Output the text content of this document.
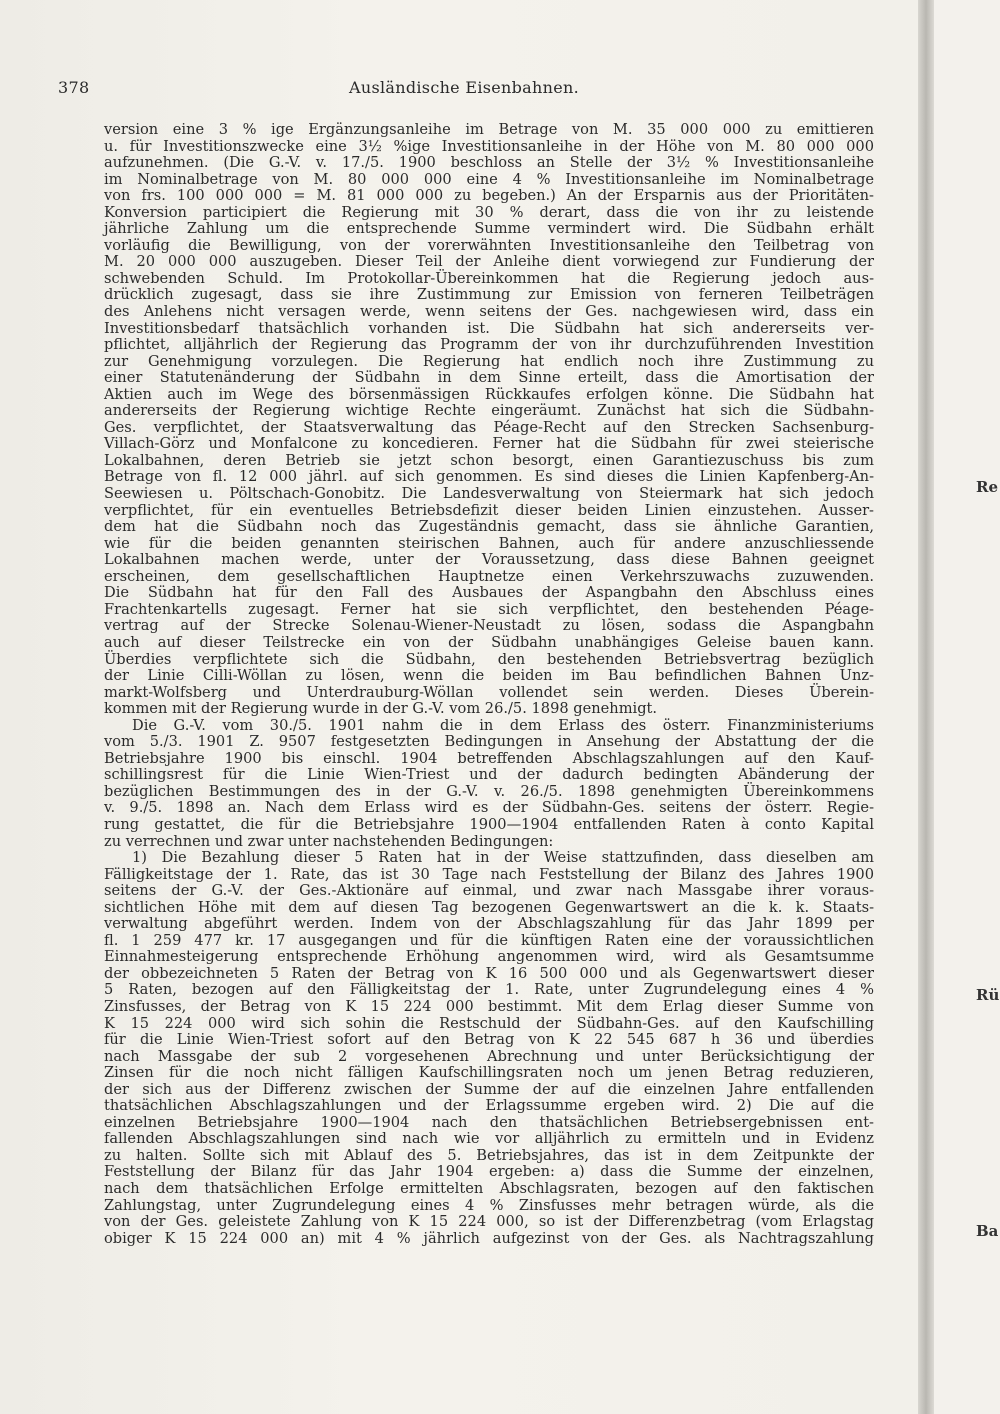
378	Ausländische Eisenbahnen.
version eine 3 % ige Ergänzungsanleihe im Betrage von M. 35 000 000 zu emittieren
u. für Investitionszwecke eine 3½ %ige Investitionsanleihe in der Höhe von M. 80 000 000
aufzunehmen. (Die G.-V. v. 17./5. 1900 beschloss an Stelle der 3½ % Investitionsanleihe
im Nominalbetrage von M. 80 000 000 eine 4 % Investitionsanleihe im Nominalbetrage
von frs. 100 000 000 = M. 81 000 000 zu begeben.) An der Ersparnis aus der Prioritäten-
Konversion participiert die Regierung mit 30 % derart, dass die von ihr zu leistende
jährliche Zahlung um die entsprechende Summe vermindert wird. Die Südbahn erhält
vorläufig die Bewilligung, von der vorerwähnten Investitionsanleihe den Teilbetrag von
M. 20 000 000 auszugeben. Dieser Teil der Anleihe dient vorwiegend zur Fundierung der
schwebenden Schuld. Im Protokollar-Übereinkommen hat die Regierung jedoch aus-
drücklich zugesagt, dass sie ihre Zustimmung zur Emission von ferneren Teilbeträgen
des Anlehens nicht versagen werde, wenn seitens der Ges. nachgewiesen wird, dass ein
Investitionsbedarf thatsächlich vorhanden ist. Die Südbahn hat sich andererseits ver-
pflichtet, alljährlich der Regierung das Programm der von ihr durchzuführenden Investition
zur Genehmigung vorzulegen. Die Regierung hat endlich noch ihre Zustimmung zu
einer Statutenänderung der Südbahn in dem Sinne erteilt, dass die Amortisation der
Aktien auch im Wege des börsenmässigen Rückkaufes erfolgen könne. Die Südbahn hat
andererseits der Regierung wichtige Rechte eingeräumt. Zunächst hat sich die Südbahn-
Ges. verpflichtet, der Staatsverwaltung das Péage-Recht auf den Strecken Sachsenburg-
Villach-Görz und Monfalcone zu koncedieren. Ferner hat die Südbahn für zwei steierische
Lokalbahnen, deren Betrieb sie jetzt schon besorgt, einen Garantiezuschuss bis zum
Betrage von fl. 12 000 jährl. auf sich genommen. Es sind dieses die Linien Kapfenberg-An-
Seewiesen u. Pöltschach-Gonobitz. Die Landesverwaltung von Steiermark hat sich jedoch
verpflichtet, für ein eventuelles Betriebsdefizit dieser beiden Linien einzustehen. Ausser-
dem hat die Südbahn noch das Zugeständnis gemacht, dass sie ähnliche Garantien,
wie für die beiden genannten steirischen Bahnen, auch für andere anzuschliessende
Lokalbahnen machen werde, unter der Voraussetzung, dass diese Bahnen geeignet
erscheinen, dem gesellschaftlichen Hauptnetze einen Verkehrszuwachs zuzuwenden.
Die Südbahn hat für den Fall des Ausbaues der Aspangbahn den Abschluss eines
Frachtenkartells zugesagt. Ferner hat sie sich verpflichtet, den bestehenden Péage-
vertrag auf der Strecke Solenau-Wiener-Neustadt zu lösen, sodass die Aspangbahn
auch auf dieser Teilstrecke ein von der Südbahn unabhängiges Geleise bauen kann.
Überdies verpflichtete sich die Südbahn, den bestehenden Betriebsvertrag bezüglich
der Linie Cilli-Wöllan zu lösen, wenn die beiden im Bau befindlichen Bahnen Unz-
markt-Wolfsberg und Unterdrauburg-Wöllan vollendet sein werden. Dieses Überein-
kommen mit der Regierung wurde in der G.-V. vom 26./5. 1898 genehmigt.
Die G.-V. vom 30./5. 1901 nahm die in dem Erlass des österr. Finanzministeriums
vom 5./3. 1901 Z. 9507 festgesetzten Bedingungen in Ansehung der Abstattung der die
Betriebsjahre 1900 bis einschl. 1904 betreffenden Abschlagszahlungen auf den Kauf-
schillingsrest für die Linie Wien-Triest und der dadurch bedingten Abänderung der
bezüglichen Bestimmungen des in der G.-V. v. 26./5. 1898 genehmigten Übereinkommens
v. 9./5. 1898 an. Nach dem Erlass wird es der Südbahn-Ges. seitens der österr. Regie-
rung gestattet, die für die Betriebsjahre 1900—1904 entfallenden Raten à conto Kapital
zu verrechnen und zwar unter nachstehenden Bedingungen:
1) Die Bezahlung dieser 5 Raten hat in der Weise stattzufinden, dass dieselben am
Fälligkeitstage der 1. Rate, das ist 30 Tage nach Feststellung der Bilanz des Jahres 1900
seitens der G.-V. der Ges.-Aktionäre auf einmal, und zwar nach Massgabe ihrer voraus-
sichtlichen Höhe mit dem auf diesen Tag bezogenen Gegenwartswert an die k. k. Staats-
verwaltung abgeführt werden. Indem von der Abschlagszahlung für das Jahr 1899 per
fl. 1 259 477 kr. 17 ausgegangen und für die künftigen Raten eine der voraussichtlichen
Einnahmesteigerung entsprechende Erhöhung angenommen wird, wird als Gesamtsumme
der obbezeichneten 5 Raten der Betrag von K 16 500 000 und als Gegenwartswert dieser
5 Raten, bezogen auf den Fälligkeitstag der 1. Rate, unter Zugrundelegung eines 4 %
Zinsfusses, der Betrag von K 15 224 000 bestimmt. Mit dem Erlag dieser Summe von
K 15 224 000 wird sich sohin die Restschuld der Südbahn-Ges. auf den Kaufschilling
für die Linie Wien-Triest sofort auf den Betrag von K 22 545 687 h 36 und überdies
nach Massgabe der sub 2 vorgesehenen Abrechnung und unter Berücksichtigung der
Zinsen für die noch nicht fälligen Kaufschillingsraten noch um jenen Betrag reduzieren,
der sich aus der Differenz zwischen der Summe der auf die einzelnen Jahre entfallenden
thatsächlichen Abschlagszahlungen und der Erlagssumme ergeben wird. 2) Die auf die
einzelnen Betriebsjahre 1900—1904 nach den thatsächlichen Betriebsergebnissen ent-
fallenden Abschlagszahlungen sind nach wie vor alljährlich zu ermitteln und in Evidenz
zu halten. Sollte sich mit Ablauf des 5. Betriebsjahres, das ist in dem Zeitpunkte der
Feststellung der Bilanz für das Jahr 1904 ergeben: a) dass die Summe der einzelnen,
nach dem thatsächlichen Erfolge ermittelten Abschlagsraten, bezogen auf den faktischen
Zahlungstag, unter Zugrundelegung eines 4 % Zinsfusses mehr betragen würde, als die
von der Ges. geleistete Zahlung von K 15 224 000, so ist der Differenzbetrag (vom Erlagstag
obiger K 15 224 000 an) mit 4 % jährlich aufgezinst von der Ges. als Nachtragszahlung
Re
Rü
Ba
